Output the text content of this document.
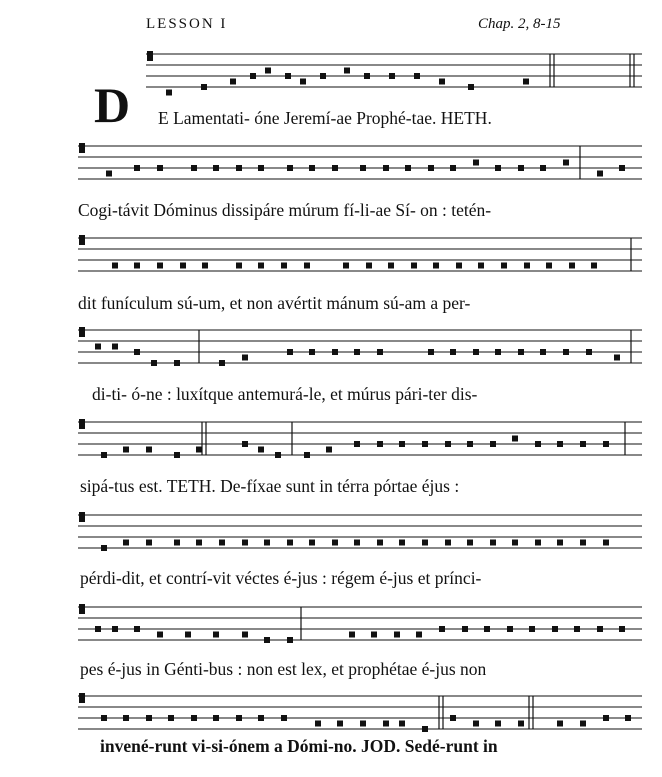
LESSON I	Chap. 2, 8-15
D E Lamentati- óne Jeremí-ae Prophé-tae. HETH.
Cogi-távit Dóminus dissipáre múrum fí-li-ae Sí- on : tetén-
dit funículum sú-um, et non avértit mánum sú-am a per-
di-ti- ó-ne : luxítque antemurá-le, et múrus pári-ter dis-
sipá-tus est. TETH. De-fíxae sunt in térra pórtae éjus :
pérdi-dit, et contrí-vit véctes é-jus : régem é-jus et prínci-
pes é-jus in Génti-bus : non est lex, et prophétae é-jus non
invené-runt vi-si-ónem a Dómi-no. JOD. Sedé-runt in
